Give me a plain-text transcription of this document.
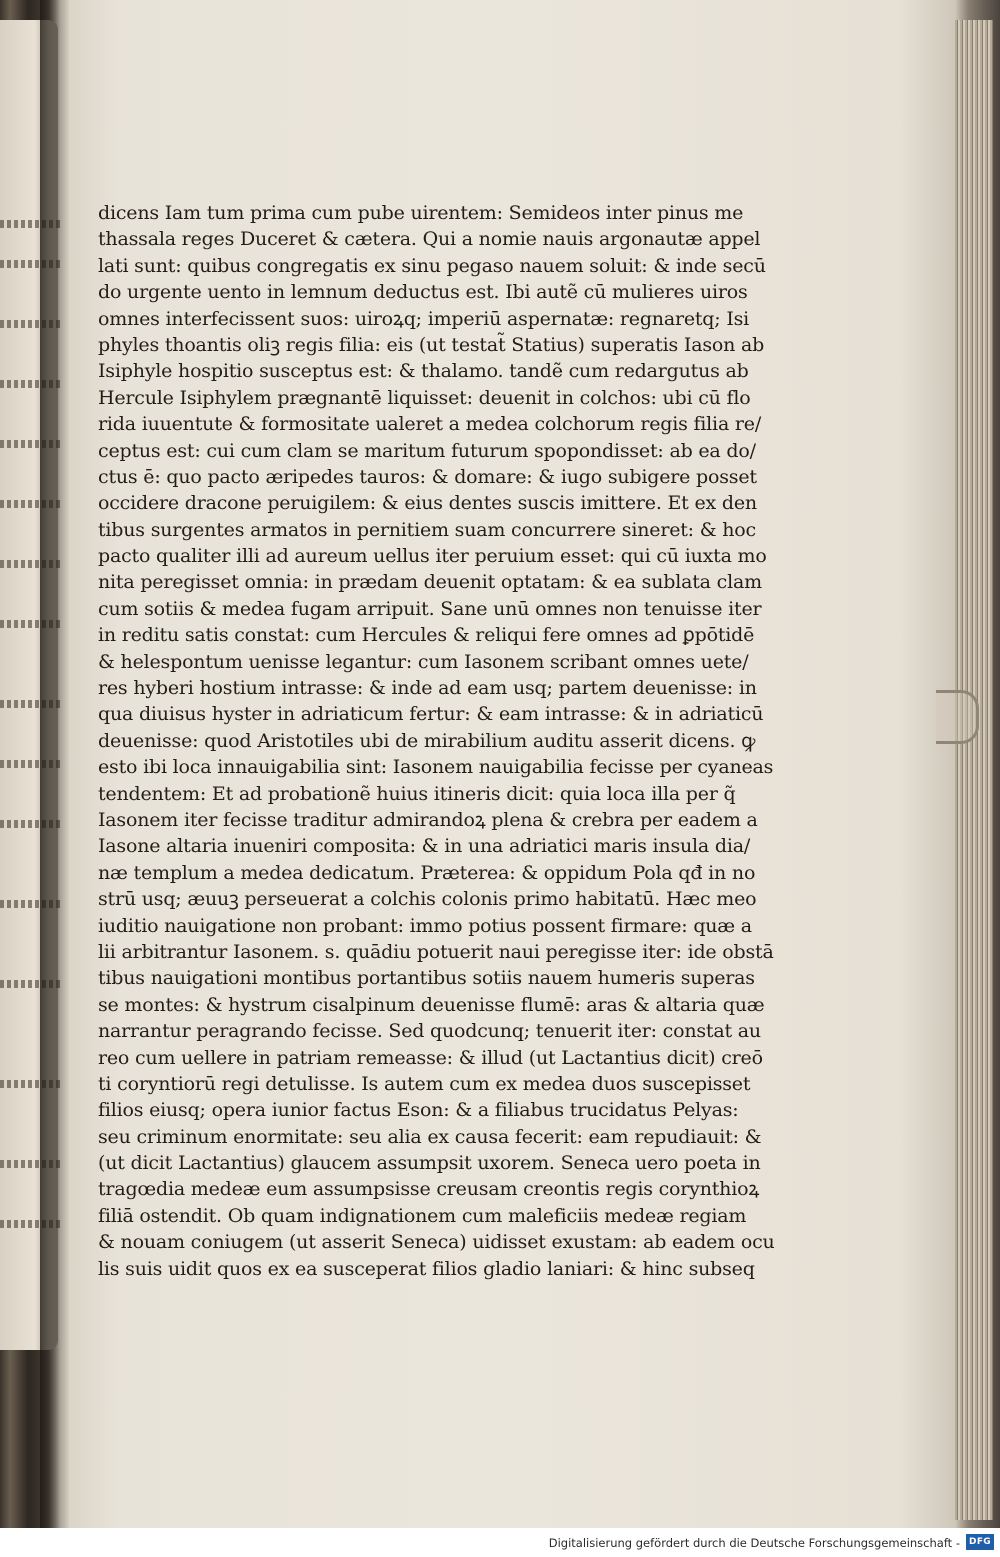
dicens Iam tum prima cum pube uirentem: Semideos inter pinus me
thassala reges Duceret & cætera. Qui a nomie nauis argonautæ appel
lati sunt: quibus congregatis ex sinu pegaso nauem soluit: & inde secū
do urgente uento in lemnum deductus est. Ibi autẽ cū mulieres uiros
omnes interfecissent suos: uiroꝝq; imperiū aspernatæ: regnaretq; Isi
phyles thoantis oliꝫ regis filia: eis (ut testat̃ Statius) superatis Iason ab
Isiphyle hospitio susceptus est: & thalamo. tandẽ cum redargutus ab
Hercule Isiphylem prægnantē liquisset: deuenit in colchos: ubi cū flo
rida iuuentute & formositate ualeret a medea colchorum regis filia re/
ceptus est: cui cum clam se maritum futurum spopondisset: ab ea do/
ctus ē: quo pacto æripedes tauros: & domare: & iugo subigere posset
occidere dracone peruigilem: & eius dentes suscis imittere. Et ex den
tibus surgentes armatos in pernitiem suam concurrere sineret: & hoc
pacto qualiter illi ad aureum uellus iter peruium esset: qui cū iuxta mo
nita peregisset omnia: in prædam deuenit optatam: & ea sublata clam
cum sotiis & medea fugam arripuit. Sane unū omnes non tenuisse iter
in reditu satis constat: cum Hercules & reliqui fere omnes ad ꝑpōtidē
& helespontum uenisse legantur: cum Iasonem scribant omnes uete/
res hyberi hostium intrasse: & inde ad eam usq; partem deuenisse: in
qua diuisus hyster in adriaticum fertur: & eam intrasse: & in adriaticū
deuenisse: quod Aristotiles ubi de mirabilium auditu asserit dicens. ꝙ
esto ibi loca innauigabilia sint: Iasonem nauigabilia fecisse per cyaneas
tendentem: Et ad probationẽ huius itineris dicit: quia loca illa per q̃
Iasonem iter fecisse traditur admirandoꝝ plena & crebra per eadem a
Iasone altaria inueniri composita: & in una adriatici maris insula dia/
næ templum a medea dedicatum. Præterea: & oppidum Pola qđ in no
strū usq; æuuꝫ perseuerat a colchis colonis primo habitatū. Hæc meo
iuditio nauigatione non probant: immo potius possent firmare: quæ a
lii arbitrantur Iasonem. s. quādiu potuerit naui peregisse iter: ide obstā
tibus nauigationi montibus portantibus sotiis nauem humeris superas
se montes: & hystrum cisalpinum deuenisse flumē: aras & altaria quæ
narrantur peragrando fecisse. Sed quodcunq; tenuerit iter: constat au
reo cum uellere in patriam remeasse: & illud (ut Lactantius dicit) creō
ti coryntiorū regi detulisse. Is autem cum ex medea duos suscepisset
filios eiusq; opera iunior factus Eson: & a filiabus trucidatus Pelyas:
seu criminum enormitate: seu alia ex causa fecerit: eam repudiauit: &
(ut dicit Lactantius) glaucem assumpsit uxorem. Seneca uero poeta in
tragœdia medeæ eum assumpsisse creusam creontis regis corynthioꝝ
filiā ostendit. Ob quam indignationem cum maleficiis medeæ regiam
& nouam coniugem (ut asserit Seneca) uidisset exustam: ab eadem ocu
lis suis uidit quos ex ea susceperat filios gladio laniari: & hinc subseq
Digitalisierung gefördert durch die Deutsche Forschungsgemeinschaft -	DFG
